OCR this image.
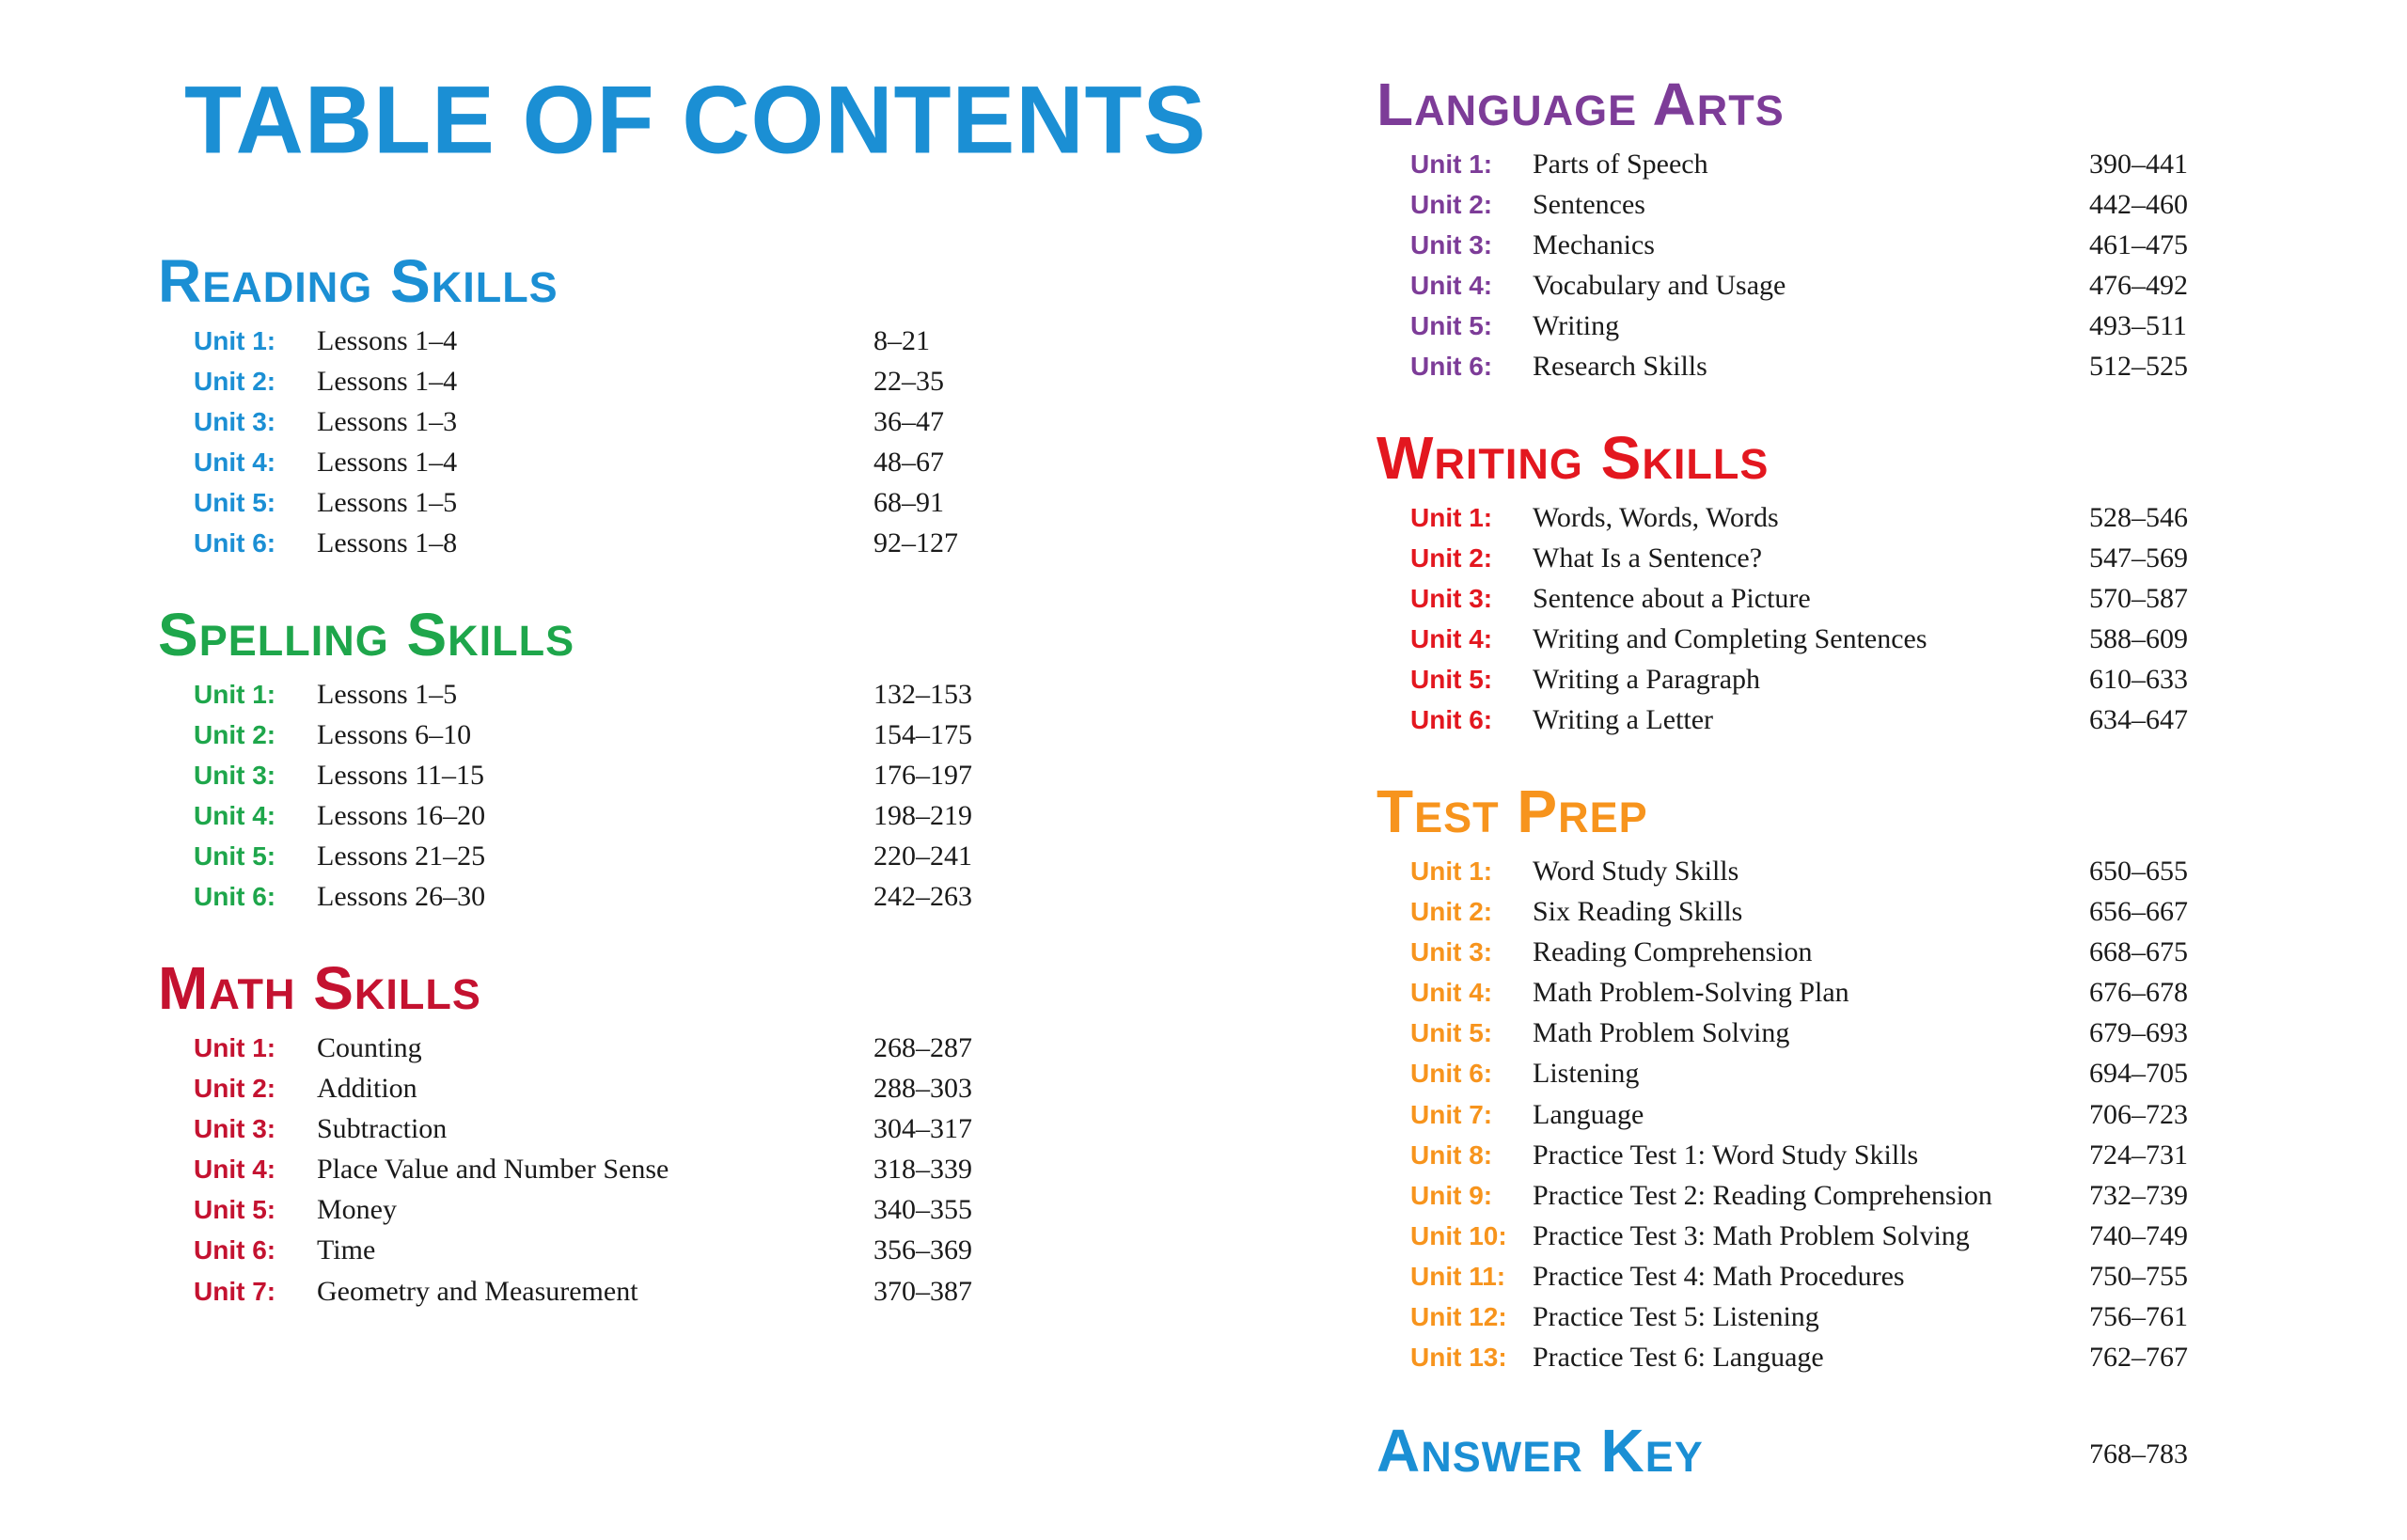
TABLE OF CONTENTS
Reading Skills
Unit 1: Lessons 1–4	8–21
Unit 2: Lessons 1–4	22–35
Unit 3: Lessons 1–3	36–47
Unit 4: Lessons 1–4	48–67
Unit 5: Lessons 1–5	68–91
Unit 6: Lessons 1–8	92–127
Spelling Skills
Unit 1: Lessons 1–5	132–153
Unit 2: Lessons 6–10	154–175
Unit 3: Lessons 11–15	176–197
Unit 4: Lessons 16–20	198–219
Unit 5: Lessons 21–25	220–241
Unit 6: Lessons 26–30	242–263
Math Skills
Unit 1: Counting	268–287
Unit 2: Addition	288–303
Unit 3: Subtraction	304–317
Unit 4: Place Value and Number Sense	318–339
Unit 5: Money	340–355
Unit 6: Time	356–369
Unit 7: Geometry and Measurement	370–387
Language Arts
Unit 1: Parts of Speech	390–441
Unit 2: Sentences	442–460
Unit 3: Mechanics	461–475
Unit 4: Vocabulary and Usage	476–492
Unit 5: Writing	493–511
Unit 6: Research Skills	512–525
Writing Skills
Unit 1: Words, Words, Words	528–546
Unit 2: What Is a Sentence?	547–569
Unit 3: Sentence about a Picture	570–587
Unit 4: Writing and Completing Sentences	588–609
Unit 5: Writing a Paragraph	610–633
Unit 6: Writing a Letter	634–647
Test Prep
Unit 1: Word Study Skills	650–655
Unit 2: Six Reading Skills	656–667
Unit 3: Reading Comprehension	668–675
Unit 4: Math Problem-Solving Plan	676–678
Unit 5: Math Problem Solving	679–693
Unit 6: Listening	694–705
Unit 7: Language	706–723
Unit 8: Practice Test 1: Word Study Skills	724–731
Unit 9: Practice Test 2: Reading Comprehension	732–739
Unit 10: Practice Test 3: Math Problem Solving	740–749
Unit 11: Practice Test 4: Math Procedures	750–755
Unit 12: Practice Test 5: Listening	756–761
Unit 13: Practice Test 6: Language	762–767
Answer Key	768–783
